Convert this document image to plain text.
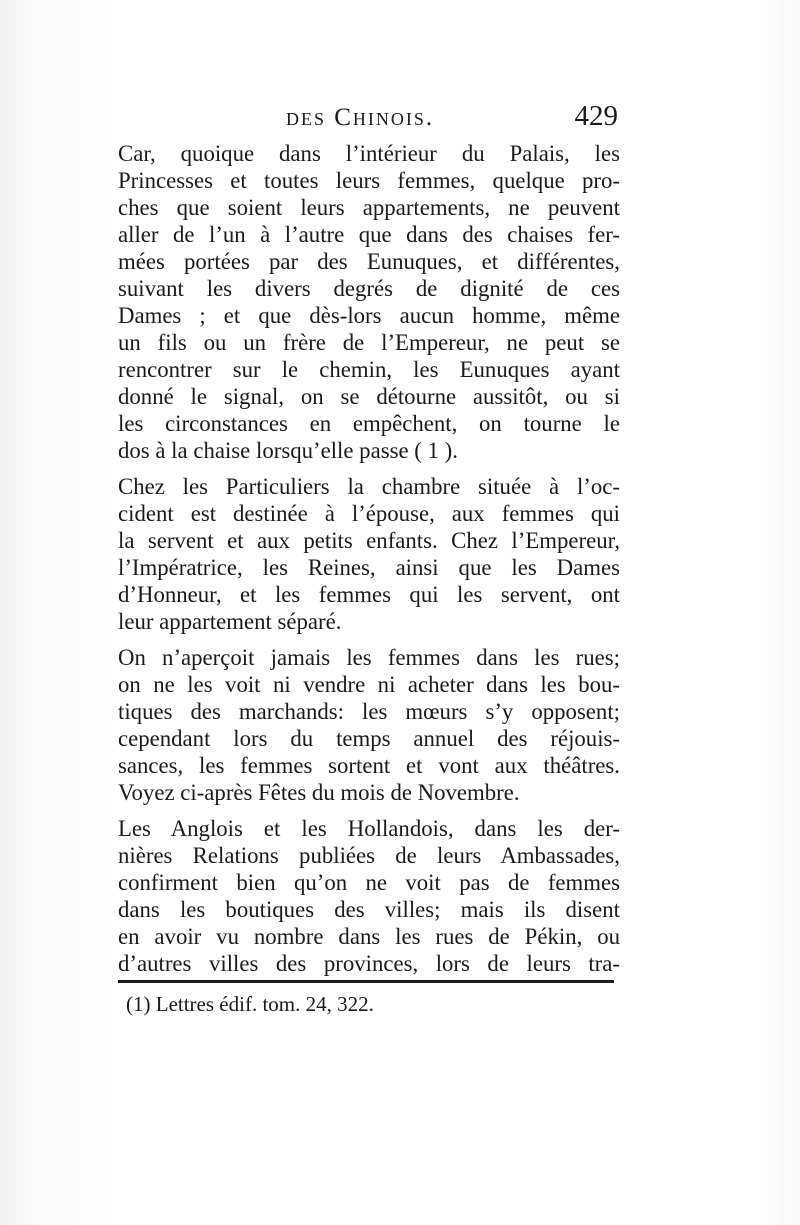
des Chinois.	429
Car, quoique dans l’intérieur du Palais, les
Princesses et toutes leurs femmes, quelque pro-
ches que soient leurs appartements, ne peuvent
aller de l’un à l’autre que dans des chaises fer-
mées portées par des Eunuques, et différentes,
suivant les divers degrés de dignité de ces
Dames ; et que dès-lors aucun homme, même
un fils ou un frère de l’Empereur, ne peut se
rencontrer sur le chemin, les Eunuques ayant
donné le signal, on se détourne aussitôt, ou si
les circonstances en empêchent, on tourne le
dos à la chaise lorsqu’elle passe ( 1 ).
Chez les Particuliers la chambre située à l’oc-
cident est destinée à l’épouse, aux femmes qui
la servent et aux petits enfants. Chez l’Empereur,
l’Impératrice, les Reines, ainsi que les Dames
d’Honneur, et les femmes qui les servent, ont
leur appartement séparé.
On n’aperçoit jamais les femmes dans les rues;
on ne les voit ni vendre ni acheter dans les bou-
tiques des marchands: les mœurs s’y opposent;
cependant lors du temps annuel des réjouis-
sances, les femmes sortent et vont aux théâtres.
Voyez ci-après Fêtes du mois de Novembre.
Les Anglois et les Hollandois, dans les der-
nières Relations publiées de leurs Ambassades,
confirment bien qu’on ne voit pas de femmes
dans les boutiques des villes; mais ils disent
en avoir vu nombre dans les rues de Pékin, ou
d’autres villes des provinces, lors de leurs tra-
(1) Lettres édif. tom. 24, 322.
